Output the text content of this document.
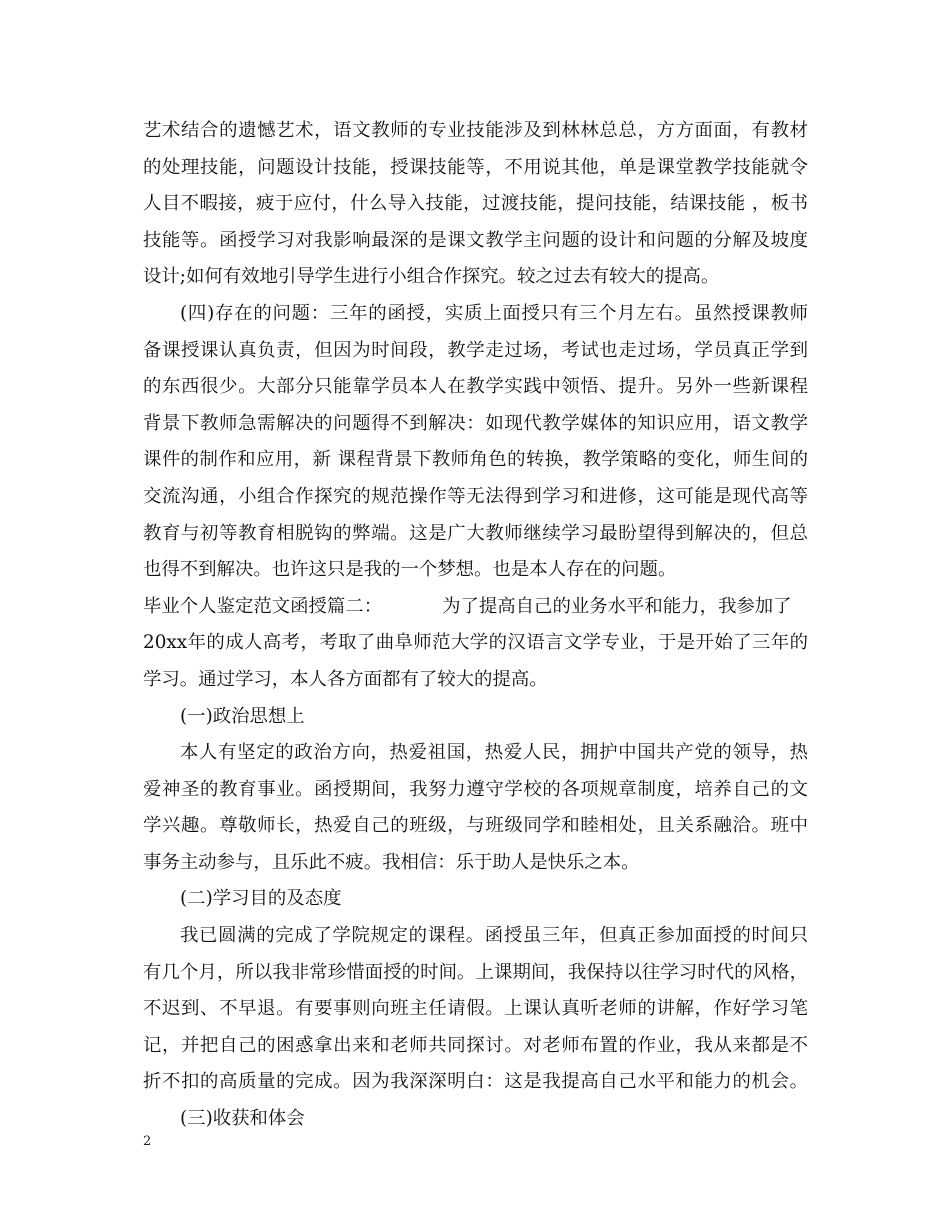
艺术结合的遗憾艺术，语文教师的专业技能涉及到林林总总，方方面面，有教材
的处理技能，问题设计技能，授课技能等，不用说其他，单是课堂教学技能就令
人目不暇接，疲于应付，什么导入技能，过渡技能，提问技能，结课技能 ，板书
技能等。函授学习对我影响最深的是课文教学主问题的设计和问题的分解及坡度
设计;如何有效地引导学生进行小组合作探究。较之过去有较大的提高。
(四)存在的问题：三年的函授，实质上面授只有三个月左右。虽然授课教师
备课授课认真负责，但因为时间段，教学走过场，考试也走过场，学员真正学到
的东西很少。大部分只能靠学员本人在教学实践中领悟、提升。另外一些新课程
背景下教师急需解决的问题得不到解决：如现代教学媒体的知识应用，语文教学
课件的制作和应用，新 课程背景下教师角色的转换，教学策略的变化，师生间的
交流沟通，小组合作探究的规范操作等无法得到学习和进修，这可能是现代高等
教育与初等教育相脱钩的弊端。这是广大教师继续学习最盼望得到解决的，但总
也得不到解决。也许这只是我的一个梦想。也是本人存在的问题。
毕业个人鉴定范文函授篇二：	为了提高自己的业务水平和能力，我参加了
20xx年的成人高考，考取了曲阜师范大学的汉语言文学专业，于是开始了三年的
学习。通过学习，本人各方面都有了较大的提高。
(一)政治思想上
本人有坚定的政治方向，热爱祖国，热爱人民，拥护中国共产党的领导，热
爱神圣的教育事业。函授期间，我努力遵守学校的各项规章制度，培养自己的文
学兴趣。尊敬师长，热爱自己的班级，与班级同学和睦相处，且关系融洽。班中
事务主动参与，且乐此不疲。我相信：乐于助人是快乐之本。
(二)学习目的及态度
我已圆满的完成了学院规定的课程。函授虽三年，但真正参加面授的时间只
有几个月，所以我非常珍惜面授的时间。上课期间，我保持以往学习时代的风格，
不迟到、不早退。有要事则向班主任请假。上课认真听老师的讲解，作好学习笔
记，并把自己的困惑拿出来和老师共同探讨。对老师布置的作业，我从来都是不
折不扣的高质量的完成。因为我深深明白：这是我提高自己水平和能力的机会。
(三)收获和体会
2
